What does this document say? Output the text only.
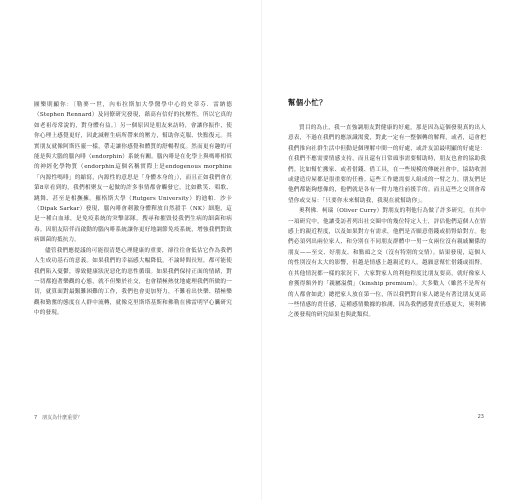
圖樂則顯你：〔勒麥一世，內布拉斯加大學醫學中心的史蒂芬．雷納德（Stephen Rennard）及同僚研究發現，藉高有信好的抗壓性，所以它真的如老祖母常說的，對身體有益。〕另一個原因是朋友來訪時，會讓你振作，使你心理上感覺更好，因此減輕生病所帶來的壓力，幫助你克服、快點復元。其實朋友就像阿斯匹靈一樣，帶走讓你感覺和體質的舒暢程度。然而更有趣的可能是與大腦的腦內啡（endorphin）系統有關。腦內啡是在化學上與嗎啡相似的神經化學物質（endorphin這個名稱實際上是endogenous morphine「內源性嗎啡」的縮寫，內源性的意思是「身體本身的」），而且正如我們會在第8章看到的，我們相聚友一起做的許多事情都會觸發它，比如歡笑、唱歌、跳舞、甚至是相撫擁。羅格斯大學（Rutgers University）的迪帕．沙卡（Dipak Sarkar）發現，腦內啡會刺激身體釋放自然殺手（NK）細胞，這是一種白血球，是免疫系統的突擊部隊，搜尋和摧毀侵我們生病的細菌和病毒。因朋友陪伴而啟動的腦內啡系統讓你更好地調節免疫系統，增強我們對致病細菌的抵抗力。

儘管我們應提議的可能很清楚心理健康的重要，卻往往會低估它作為我們人生成功基石的意義。如果我們的幸福感大幅降低，不論時間長短，都可能使我們陷入憂鬱，導致健康狀況惡化的惡性循環。如果我們保持正面的情緒，對一切都抱著樂觀的心態，就不但樂於社交，也會積極熱忱地處理我們所做的一切，就算面對最艱難困難的工作，我們也會更加努力，不難看出快樂、積極樂觀和勤奮的態度在人群中流轉，就像克里斯塔基斯和佛勒在佛雷明罕心臟研究中的發現。

7　朋友為什麼重要？
幫個小忙？

質目的為止，我一直強調朋友對健康的好處，那是因為這個發現真的出人意表，不過在我們的應該識渴愛，對此一定有一整個轉的解釋，或者，這會把我們推向社群生活中但動是個理解中間一的好處，或許友誼最明顯的好處是：在我們不應需要情感支持，而且還有日常頭事需要幫助時，朋友也會的協助我們。比如幫忙搬家、或者借錢、借工具，在一些規模的傳統社會中，協助收割或建造房屋都是很重要的任務。這些工作總需要人組成的一臂之力，朋友們是他們都能夠想像的，他們就是各有一臂力地往前援手的。而且這些之交則會希望你或交易：「只要你未來幫助我，我現在就幫助你」。

奧利佛．柯瑞（Oliver Curry）對朋友的利他行為做了許多研究。在其中一項研究中，他讓受訪者列出社交圈中的幾位特定人士，評估他們這個人在情感上的親近程度，以及如果對方有需求，他們是否願意借錢或捐腎給對方。他們必須列出兩位家人、和分別在不同朋友群體中一男一女兩位沒有親戚關係的朋友——至交、好朋友、和點頭之交（沒有特別的交情）。結果發現，這個人的性別沒有太大的影響，但越是情感上越親近的人，越願意幫忙借錢或捐腎。在其他情況都一樣的狀況下，大家對家人的利他程度比朋友要高，就好像家人會獲得額外的「親屬溢價」（kinship premium）。大多數人（雖然不是所有的人都會如此）總把家人放在第一位，所以我們對自家人總是有著比朋友更高一些情感的責任感，這種感情數據的推測，因為我們感覺責任感更大，奧利佛之後發現的研究結果也與此類似。

23
